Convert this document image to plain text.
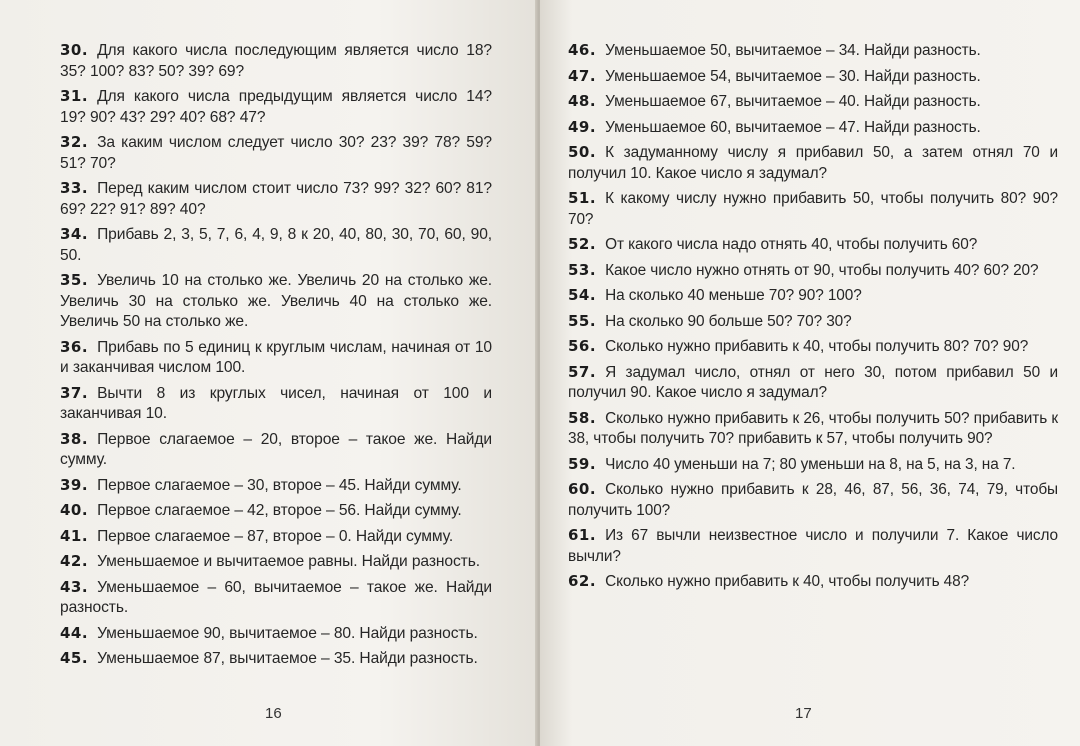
30. Для какого числа последующим является число 18? 35? 100? 83? 50? 39? 69?
31. Для какого числа предыдущим является число 14? 19? 90? 43? 29? 40? 68? 47?
32. За каким числом следует число 30? 23? 39? 78? 59? 51? 70?
33. Перед каким числом стоит число 73? 99? 32? 60? 81? 69? 22? 91? 89? 40?
34. Прибавь 2, 3, 5, 7, 6, 4, 9, 8 к 20, 40, 80, 30, 70, 60, 90, 50.
35. Увеличь 10 на столько же. Увеличь 20 на столько же. Увеличь 30 на столько же. Увеличь 40 на столько же. Увеличь 50 на столько же.
36. Прибавь по 5 единиц к круглым числам, начиная от 10 и заканчивая числом 100.
37. Вычти 8 из круглых чисел, начиная от 100 и заканчивая 10.
38. Первое слагаемое – 20, второе – такое же. Найди сумму.
39. Первое слагаемое – 30, второе – 45. Найди сумму.
40. Первое слагаемое – 42, второе – 56. Найди сумму.
41. Первое слагаемое – 87, второе – 0. Найди сумму.
42. Уменьшаемое и вычитаемое равны. Найди разность.
43. Уменьшаемое – 60, вычитаемое – такое же. Найди разность.
44. Уменьшаемое 90, вычитаемое – 80. Найди разность.
45. Уменьшаемое 87, вычитаемое – 35. Найди разность.
16
46. Уменьшаемое 50, вычитаемое – 34. Найди разность.
47. Уменьшаемое 54, вычитаемое – 30. Найди разность.
48. Уменьшаемое 67, вычитаемое – 40. Найди разность.
49. Уменьшаемое 60, вычитаемое – 47. Найди разность.
50. К задуманному числу я прибавил 50, а затем отнял 70 и получил 10. Какое число я задумал?
51. К какому числу нужно прибавить 50, чтобы получить 80? 90? 70?
52. От какого числа надо отнять 40, чтобы получить 60?
53. Какое число нужно отнять от 90, чтобы получить 40? 60? 20?
54. На сколько 40 меньше 70? 90? 100?
55. На сколько 90 больше 50? 70? 30?
56. Сколько нужно прибавить к 40, чтобы получить 80? 70? 90?
57. Я задумал число, отнял от него 30, потом прибавил 50 и получил 90. Какое число я задумал?
58. Сколько нужно прибавить к 26, чтобы получить 50? прибавить к 38, чтобы получить 70? прибавить к 57, чтобы получить 90?
59. Число 40 уменьши на 7; 80 уменьши на 8, на 5, на 3, на 7.
60. Сколько нужно прибавить к 28, 46, 87, 56, 36, 74, 79, чтобы получить 100?
61. Из 67 вычли неизвестное число и получили 7. Какое число вычли?
62. Сколько нужно прибавить к 40, чтобы получить 48?
17
